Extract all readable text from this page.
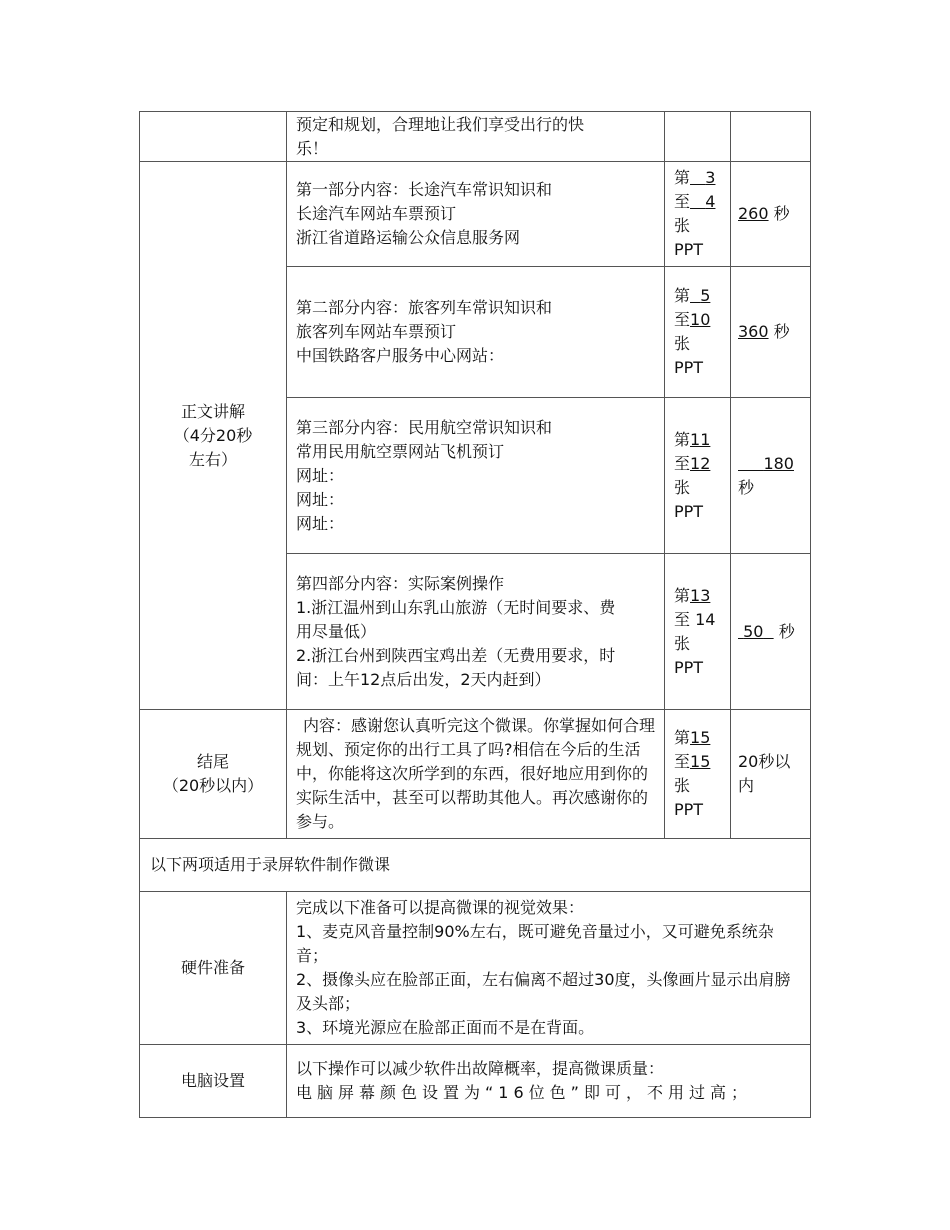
	预定和规划，合理地让我们享受出行的快
乐！		

正文讲解
（4分20秒
左右）	第一部分内容：长途汽车常识知识和
长途汽车网站车票预订
浙江省道路运输公众信息服务网	第 3
至 4
张
PPT	260 秒

	第二部分内容：旅客列车常识知识和
旅客列车网站车票预订
中国铁路客户服务中心网站：	第 5
至10
张
PPT	360 秒

	第三部分内容：民用航空常识知识和
常用民用航空票网站飞机预订
网址：
网址：
网址：	第11
至12
张
PPT	180
秒

	第四部分内容：实际案例操作
1.浙江温州到山东乳山旅游（无时间要求、费
用尽量低）
2.浙江台州到陕西宝鸡出差（无费用要求，时
间：上午12点后出发，2天内赶到）	第13
至 14
张
PPT	50 秒

结尾
（20秒以内）	内容：感谢您认真听完这个微课。你掌握如何合理规划、预定你的出行工具了吗?相信在今后的生活中，你能将这次所学到的东西，很好地应用到你的实际生活中，甚至可以帮助其他人。再次感谢你的参与。	第15
至15
张
PPT	20秒以
内

以下两项适用于录屏软件制作微课			
硬件准备	完成以下准备可以提高微课的视觉效果：
1、麦克风音量控制90%左右，既可避免音量过小，又可避免系统杂音；
2、摄像头应在脸部正面，左右偏离不超过30度，头像画片显示出肩膀及头部；
3、环境光源应在脸部正面而不是在背面。		

电脑设置	以下操作可以减少软件出故障概率，提高微课质量：
电脑屏幕颜色设置为“16位色”即可，不用过高；		
